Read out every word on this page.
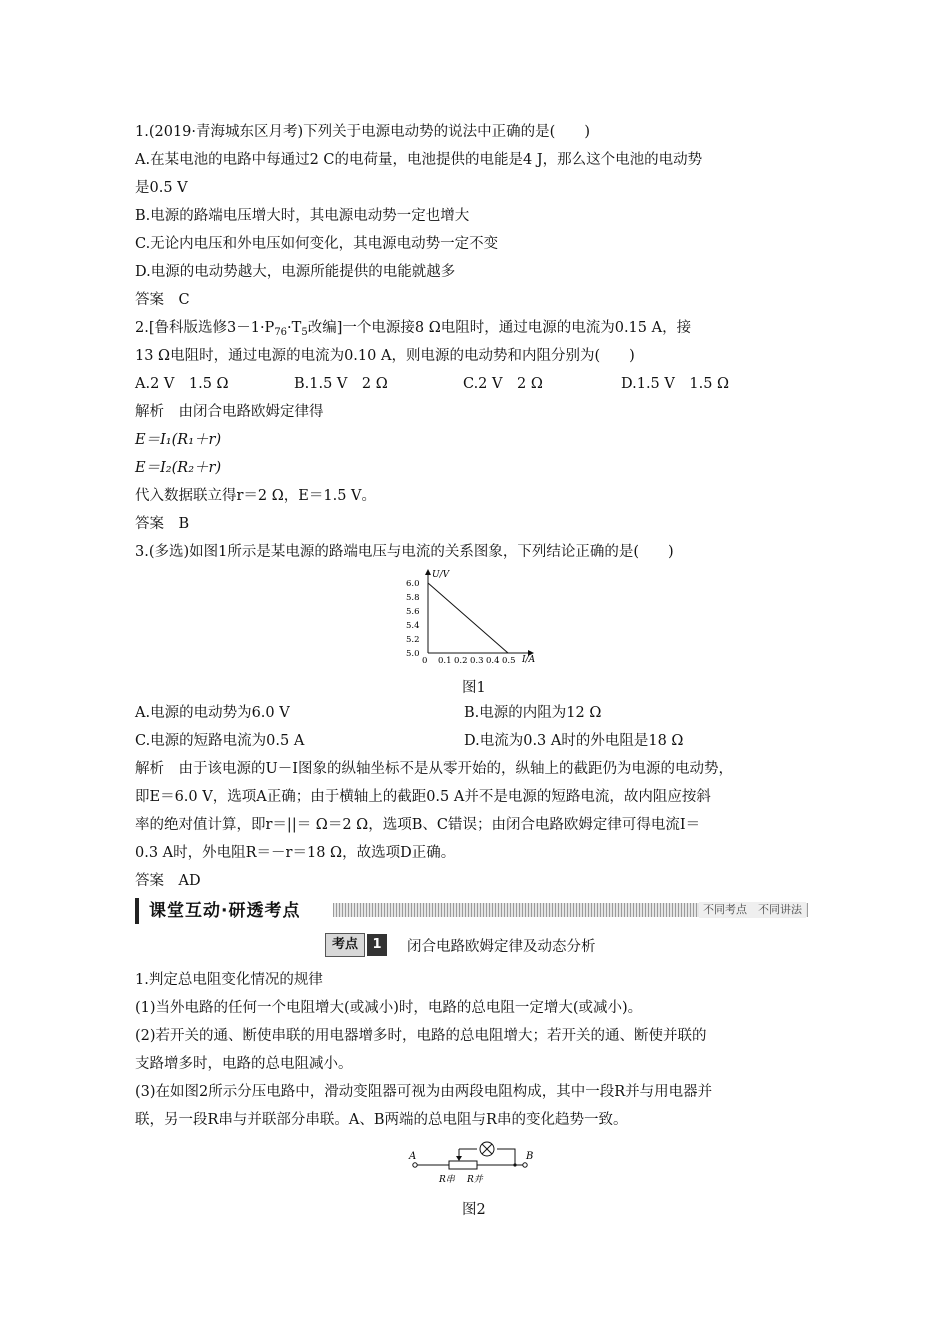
1.(2019·青海城东区月考)下列关于电源电动势的说法中正确的是(　　)
A.在某电池的电路中每通过2 C的电荷量，电池提供的电能是4 J，那么这个电池的电动势
是0.5 V
B.电源的路端电压增大时，其电源电动势一定也增大
C.无论内电压和外电压如何变化，其电源电动势一定不变
D.电源的电动势越大，电源所能提供的电能就越多
答案　C
2.[鲁科版选修$3-1\cdot P_{76}\cdot T_5$改编]一个电源接8 Ω电阻时，通过电源的电流为0.15 A，接
13 Ω电阻时，通过电源的电流为0.10 A，则电源的电动势和内阻分别为(　　)
A.2 V　1.5 Ω	B.1.5 V　2 Ω	C.2 V　2 Ω	D.1.5 V　1.5 Ω
解析　由闭合电路欧姆定律得
E＝I₁(R₁＋r)
E＝I₂(R₂＋r)
代入数据联立得r＝2 Ω，E＝1.5 V。
答案　B
3.(多选)如图1所示是某电源的路端电压与电流的关系图象，下列结论正确的是(　　)
U/V
I/A
5.0
5.2
5.4
5.6
5.8
6.0
0 0.1 0.2 0.3 0.4 0.5
图1
A.电源的电动势为6.0 V	B.电源的内阻为12 Ω
C.电源的短路电流为0.5 A	D.电流为0.3 A时的外电阻是18 Ω
解析　由于该电源的U－I图象的纵轴坐标不是从零开始的，纵轴上的截距仍为电源的电动势，
即E＝6.0 V，选项A正确；由于横轴上的截距0.5 A并不是电源的短路电流，故内阻应按斜
率的绝对值计算，即r＝||＝ Ω＝2 Ω，选项B、C错误；由闭合电路欧姆定律可得电流I＝
0.3 A时，外电阻R＝－r＝18 Ω，故选项D正确。
答案　AD
课堂互动·研透考点	不同考点　不同讲法
考点	1	闭合电路欧姆定律及动态分析
1.判定总电阻变化情况的规律
(1)当外电路的任何一个电阻增大(或减小)时，电路的总电阻一定增大(或减小)。
(2)若开关的通、断使串联的用电器增多时，电路的总电阻增大；若开关的通、断使并联的
支路增多时，电路的总电阻减小。
(3)在如图2所示分压电路中，滑动变阻器可视为由两段电阻构成，其中一段R并与用电器并
联，另一段R串与并联部分串联。A、B两端的总电阻与R串的变化趋势一致。
A	B
R串 R并
图2
